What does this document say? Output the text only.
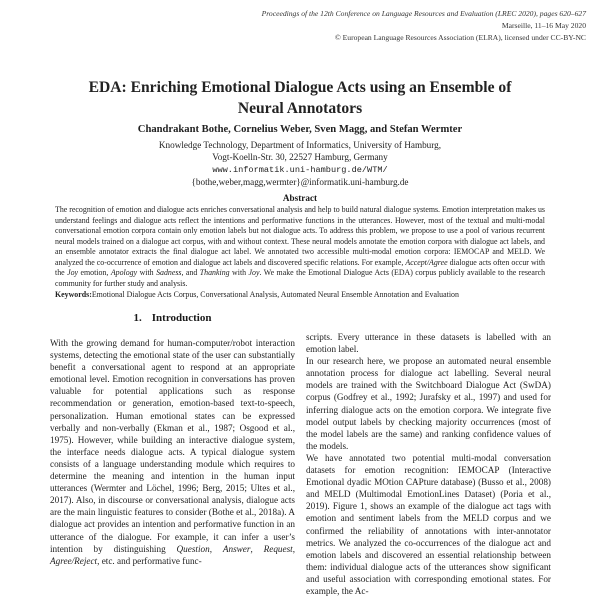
Proceedings of the 12th Conference on Language Resources and Evaluation (LREC 2020), pages 620–627
Marseille, 11–16 May 2020
© European Language Resources Association (ELRA), licensed under CC-BY-NC
EDA: Enriching Emotional Dialogue Acts using an Ensemble of
Neural Annotators
Chandrakant Bothe, Cornelius Weber, Sven Magg, and Stefan Wermter
Knowledge Technology, Department of Informatics, University of Hamburg,
Vogt-Koelln-Str. 30, 22527 Hamburg, Germany
www.informatik.uni-hamburg.de/WTM/
{bothe,weber,magg,wermter}@informatik.uni-hamburg.de
Abstract

The recognition of emotion and dialogue acts enriches conversational analysis and help to build natural dialogue systems. Emotion interpretation makes us understand feelings and dialogue acts reflect the intentions and performative functions in the utterances. However, most of the textual and multi-modal conversational emotion corpora contain only emotion labels but not dialogue acts. To address this problem, we propose to use a pool of various recurrent neural models trained on a dialogue act corpus, with and without context. These neural models annotate the emotion corpora with dialogue act labels, and an ensemble annotator extracts the final dialogue act label. We annotated two accessible multi-modal emotion corpora: IEMOCAP and MELD. We analyzed the co-occurrence of emotion and dialogue act labels and discovered specific relations. For example, Accept/Agree dialogue acts often occur with the Joy emotion, Apology with Sadness, and Thanking with Joy. We make the Emotional Dialogue Acts (EDA) corpus publicly available to the research community for further study and analysis.

Keywords:Emotional Dialogue Acts Corpus, Conversational Analysis, Automated Neural Ensemble Annotation and Evaluation
1. Introduction

With the growing demand for human-computer/robot interaction systems, detecting the emotional state of the user can substantially benefit a conversational agent to respond at an appropriate emotional level. Emotion recognition in conversations has proven valuable for potential applications such as response recommendation or generation, emotion-based text-to-speech, personalization. Human emotional states can be expressed verbally and non-verbally (Ekman et al., 1987; Osgood et al., 1975). However, while building an interactive dialogue system, the interface needs dialogue acts. A typical dialogue system consists of a language understanding module which requires to determine the meaning and intention in the human input utterances (Wermter and Löchel, 1996; Berg, 2015; Ultes et al., 2017). Also, in discourse or conversational analysis, dialogue acts are the main linguistic features to consider (Bothe et al., 2018a). A dialogue act provides an intention and performative function in an utterance of the dialogue. For example, it can infer a user’s intention by distinguishing Question, Answer, Request, Agree/Reject, etc. and performative func-

scripts. Every utterance in these datasets is labelled with an emotion label.

In our research here, we propose an automated neural ensemble annotation process for dialogue act labelling. Several neural models are trained with the Switchboard Dialogue Act (SwDA) corpus (Godfrey et al., 1992; Jurafsky et al., 1997) and used for inferring dialogue acts on the emotion corpora. We integrate five model output labels by checking majority occurrences (most of the model labels are the same) and ranking confidence values of the models.

We have annotated two potential multi-modal conversation datasets for emotion recognition: IEMOCAP (Interactive Emotional dyadic MOtion CAPture database) (Busso et al., 2008) and MELD (Multimodal EmotionLines Dataset) (Poria et al., 2019). Figure 1, shows an example of the dialogue act tags with emotion and sentiment labels from the MELD corpus and we confirmed the reliability of annotations with inter-annotator metrics. We analyzed the co-occurrences of the dialogue act and emotion labels and discovered an essential relationship between them: individual dialogue acts of the utterances show significant and useful association with corresponding emotional states. For example, the Ac-
